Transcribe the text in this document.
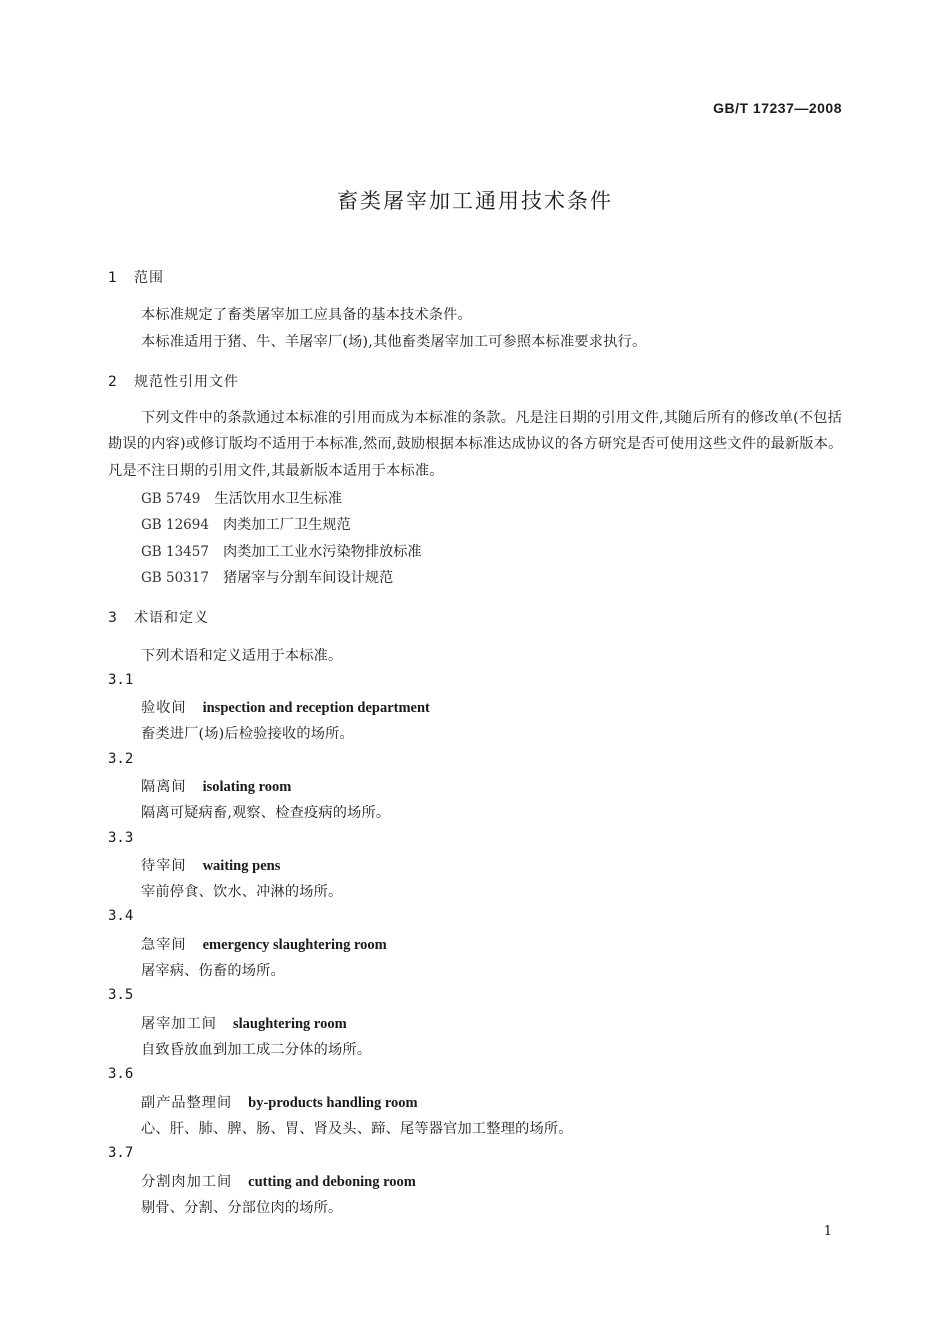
GB/T 17237—2008
畜类屠宰加工通用技术条件
1 范围
本标准规定了畜类屠宰加工应具备的基本技术条件。
本标准适用于猪、牛、羊屠宰厂(场),其他畜类屠宰加工可参照本标准要求执行。
2 规范性引用文件
下列文件中的条款通过本标准的引用而成为本标准的条款。凡是注日期的引用文件,其随后所有的修改单(不包括勘误的内容)或修订版均不适用于本标准,然而,鼓励根据本标准达成协议的各方研究是否可使用这些文件的最新版本。凡是不注日期的引用文件,其最新版本适用于本标准。
GB 5749 生活饮用水卫生标准
GB 12694 肉类加工厂卫生规范
GB 13457 肉类加工工业水污染物排放标准
GB 50317 猪屠宰与分割车间设计规范
3 术语和定义
下列术语和定义适用于本标准。
3.1
验收间 inspection and reception department
畜类进厂(场)后检验接收的场所。
3.2
隔离间 isolating room
隔离可疑病畜,观察、检查疫病的场所。
3.3
待宰间 waiting pens
宰前停食、饮水、冲淋的场所。
3.4
急宰间 emergency slaughtering room
屠宰病、伤畜的场所。
3.5
屠宰加工间 slaughtering room
自致昏放血到加工成二分体的场所。
3.6
副产品整理间 by-products handling room
心、肝、肺、脾、肠、胃、肾及头、蹄、尾等器官加工整理的场所。
3.7
分割肉加工间 cutting and deboning room
剔骨、分割、分部位肉的场所。
1
